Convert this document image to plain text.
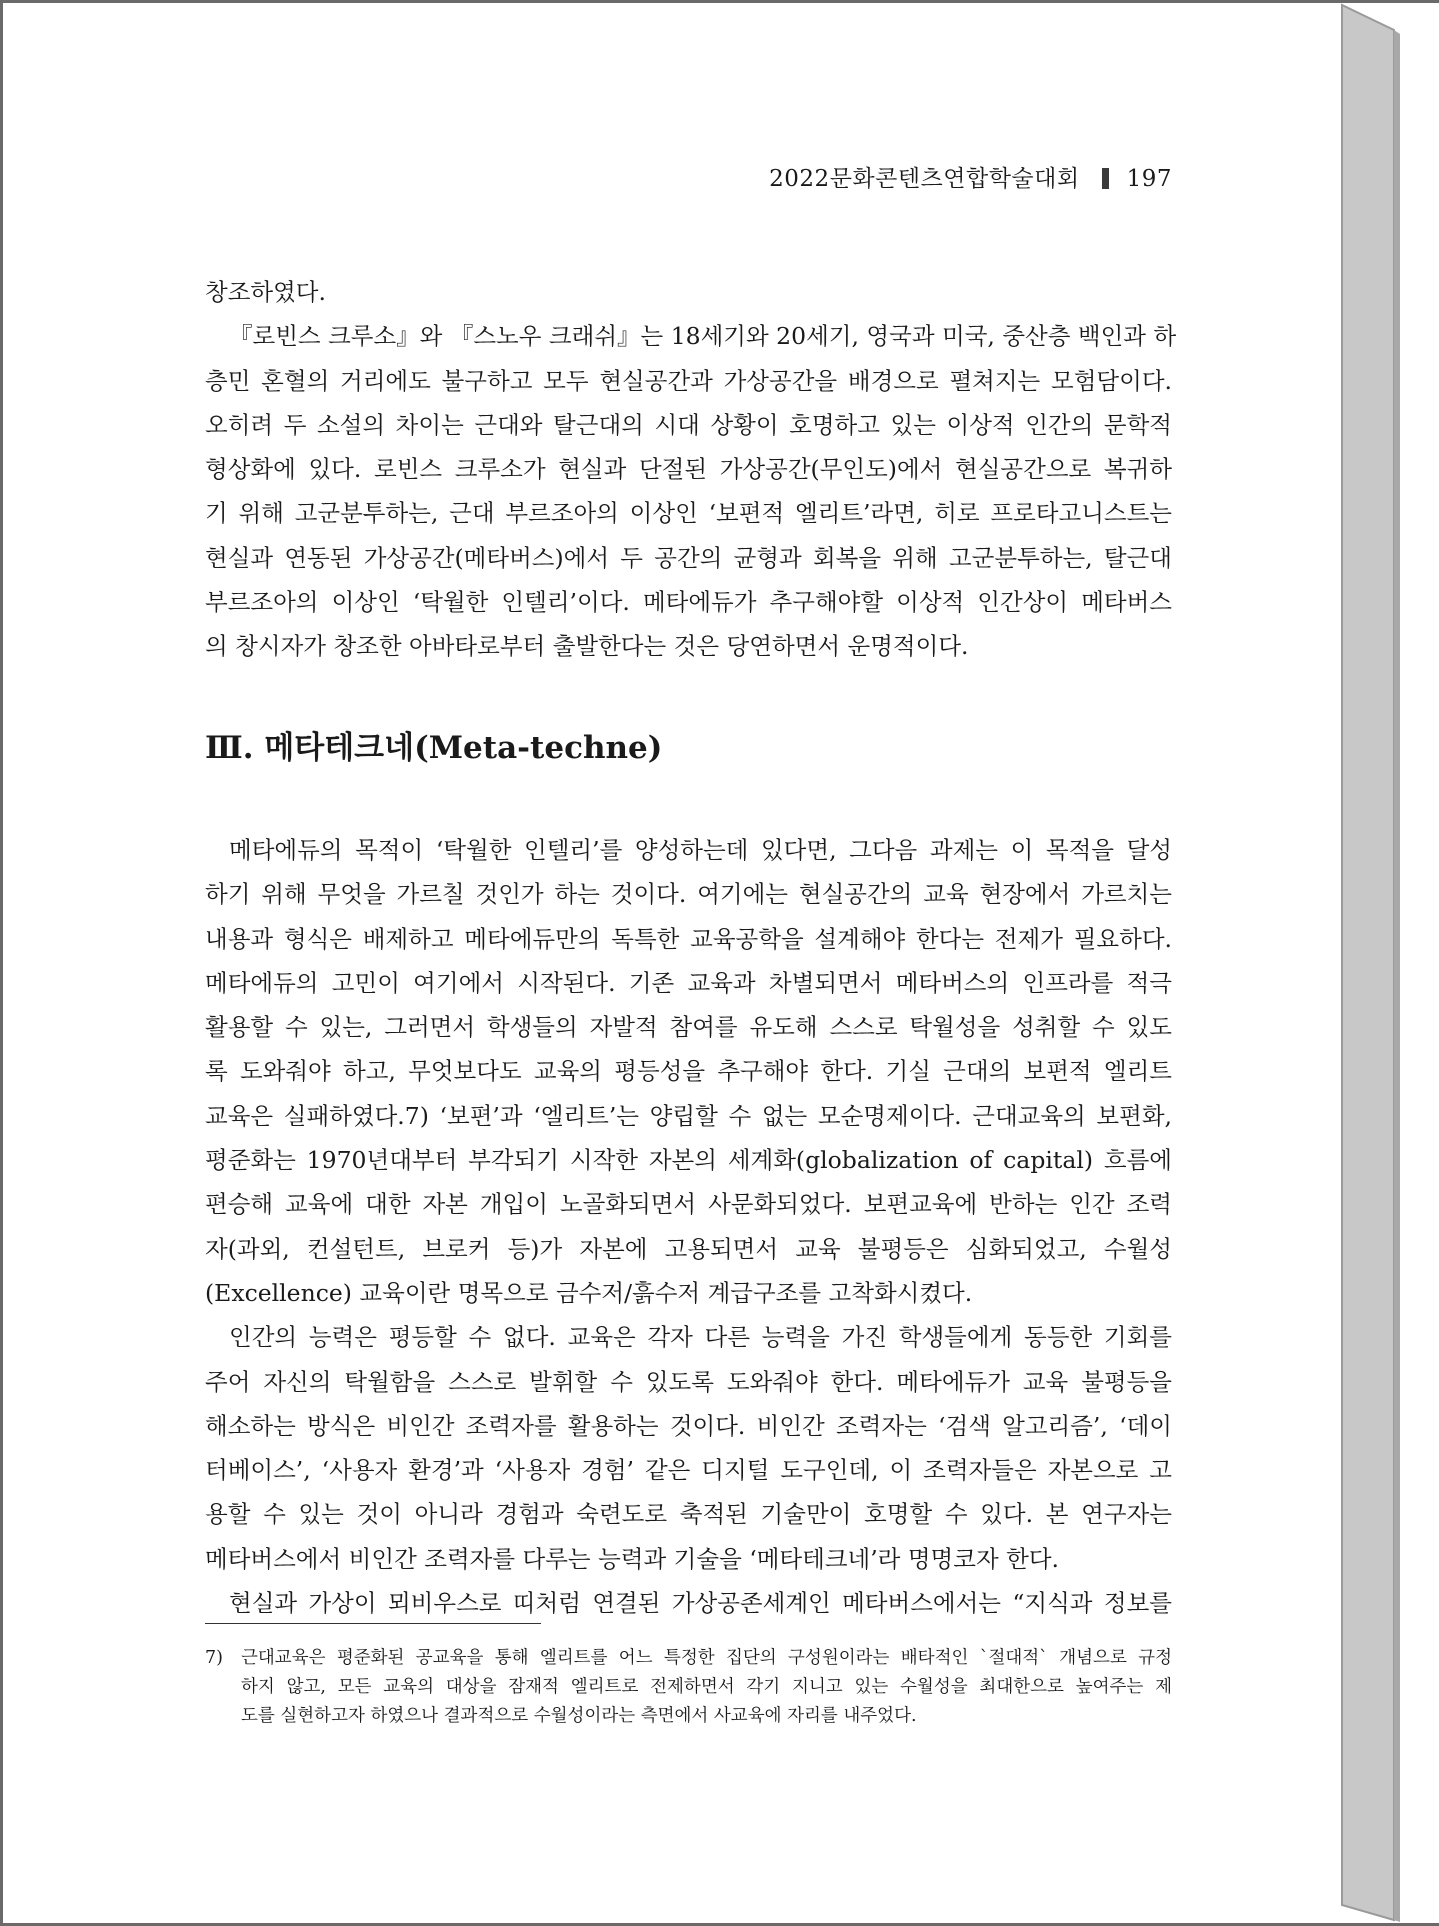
2022문화콘텐츠연합학술대회 197

창조하였다.

『로빈스 크루소』와 『스노우 크래쉬』는 18세기와 20세기, 영국과 미국, 중산층 백인과 하

층민 혼혈의 거리에도 불구하고 모두 현실공간과 가상공간을 배경으로 펼쳐지는 모험담이다.

오히려 두 소설의 차이는 근대와 탈근대의 시대 상황이 호명하고 있는 이상적 인간의 문학적

형상화에 있다. 로빈스 크루소가 현실과 단절된 가상공간(무인도)에서 현실공간으로 복귀하

기 위해 고군분투하는, 근대 부르조아의 이상인 ‘보편적 엘리트’라면, 히로 프로타고니스트는

현실과 연동된 가상공간(메타버스)에서 두 공간의 균형과 회복을 위해 고군분투하는, 탈근대

부르조아의 이상인 ‘탁월한 인텔리’이다. 메타에듀가 추구해야할 이상적 인간상이 메타버스

의 창시자가 창조한 아바타로부터 출발한다는 것은 당연하면서 운명적이다.

Ⅲ. 메타테크네(Meta-techne)

메타에듀의 목적이 ‘탁월한 인텔리’를 양성하는데 있다면, 그다음 과제는 이 목적을 달성

하기 위해 무엇을 가르칠 것인가 하는 것이다. 여기에는 현실공간의 교육 현장에서 가르치는

내용과 형식은 배제하고 메타에듀만의 독특한 교육공학을 설계해야 한다는 전제가 필요하다.

메타에듀의 고민이 여기에서 시작된다. 기존 교육과 차별되면서 메타버스의 인프라를 적극

활용할 수 있는, 그러면서 학생들의 자발적 참여를 유도해 스스로 탁월성을 성취할 수 있도

록 도와줘야 하고, 무엇보다도 교육의 평등성을 추구해야 한다. 기실 근대의 보편적 엘리트

교육은 실패하였다.7) ‘보편’과 ‘엘리트’는 양립할 수 없는 모순명제이다. 근대교육의 보편화,

평준화는 1970년대부터 부각되기 시작한 자본의 세계화(globalization of capital) 흐름에

편승해 교육에 대한 자본 개입이 노골화되면서 사문화되었다. 보편교육에 반하는 인간 조력

자(과외, 컨설턴트, 브로커 등)가 자본에 고용되면서 교육 불평등은 심화되었고, 수월성

(Excellence) 교육이란 명목으로 금수저/흙수저 계급구조를 고착화시켰다.

인간의 능력은 평등할 수 없다. 교육은 각자 다른 능력을 가진 학생들에게 동등한 기회를

주어 자신의 탁월함을 스스로 발휘할 수 있도록 도와줘야 한다. 메타에듀가 교육 불평등을

해소하는 방식은 비인간 조력자를 활용하는 것이다. 비인간 조력자는 ‘검색 알고리즘’, ‘데이

터베이스’, ‘사용자 환경’과 ‘사용자 경험’ 같은 디지털 도구인데, 이 조력자들은 자본으로 고

용할 수 있는 것이 아니라 경험과 숙련도로 축적된 기술만이 호명할 수 있다. 본 연구자는

메타버스에서 비인간 조력자를 다루는 능력과 기술을 ‘메타테크네’라 명명코자 한다.

현실과 가상이 뫼비우스로 띠처럼 연결된 가상공존세계인 메타버스에서는 “지식과 정보를

7) 근대교육은 평준화된 공교육을 통해 엘리트를 어느 특정한 집단의 구성원이라는 배타적인 `절대적` 개념으로 규정

하지 않고, 모든 교육의 대상을 잠재적 엘리트로 전제하면서 각기 지니고 있는 수월성을 최대한으로 높여주는 제

도를 실현하고자 하였으나 결과적으로 수월성이라는 측면에서 사교육에 자리를 내주었다.
